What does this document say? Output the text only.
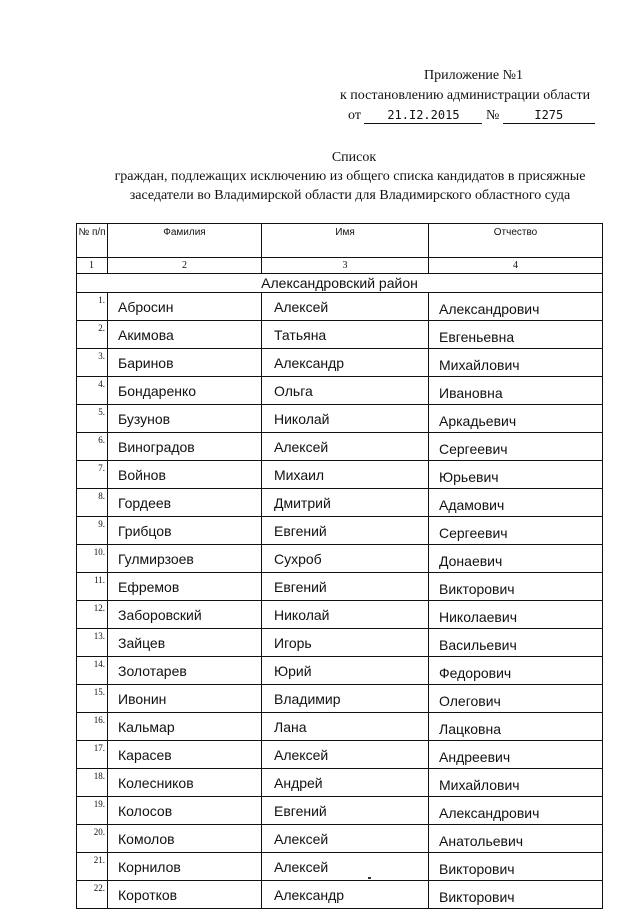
Приложение №1
к постановлению администрации области
от 21.I2.2015 №	I275
Список
граждан, подлежащих исключению из общего списка кандидатов в присяжные
заседатели во Владимирской области для Владимирского областного суда
№ п/п	Фамилия	Имя	Отчество
1	2	3	4
Александровский район			
1.	Абросин	Алексей	Александрович
2.	Акимова	Татьяна	Евгеньевна
3.	Баринов	Александр	Михайлович
4.	Бондаренко	Ольга	Ивановна
5.	Бузунов	Николай	Аркадьевич
6.	Виноградов	Алексей	Сергеевич
7.	Войнов	Михаил	Юрьевич
8.	Гордеев	Дмитрий	Адамович
9.	Грибцов	Евгений	Сергеевич
10.	Гулмирзоев	Сухроб	Донаевич
11.	Ефремов	Евгений	Викторович
12.	Заборовский	Николай	Николаевич
13.	Зайцев	Игорь	Васильевич
14.	Золотарев	Юрий	Федорович
15.	Ивонин	Владимир	Олегович
16.	Кальмар	Лана	Лацковна
17.	Карасев	Алексей	Андреевич
18.	Колесников	Андрей	Михайлович
19.	Колосов	Евгений	Александрович
20.	Комолов	Алексей	Анатольевич
21.	Корнилов	Алексей	Викторович
22.	Коротков	Александр	Викторович
